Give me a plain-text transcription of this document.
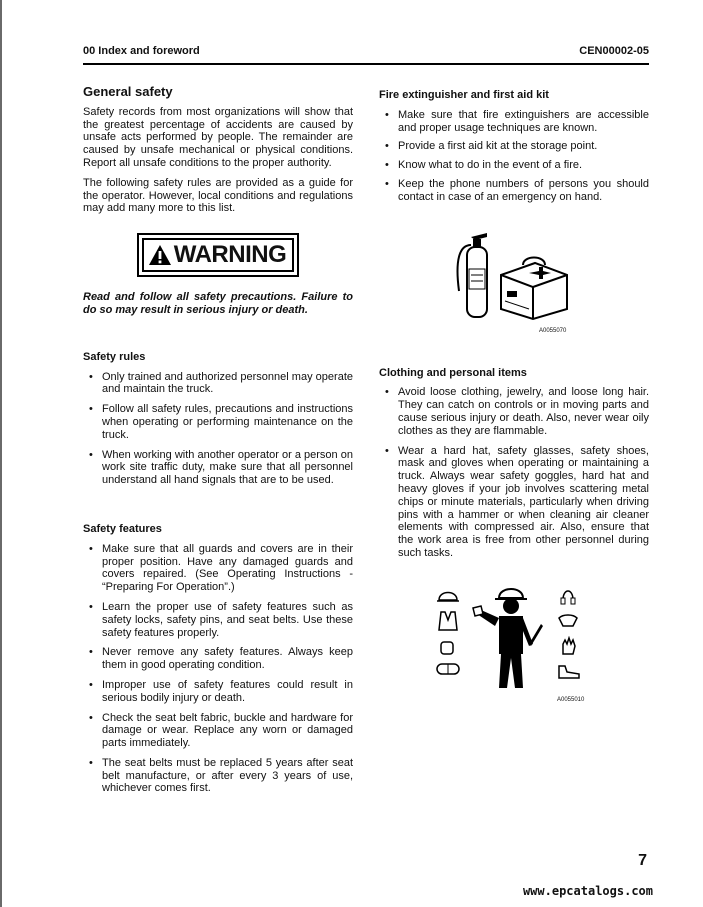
00 Index and foreword	CEN00002-05
General safety

Safety records from most organizations will show that the greatest percentage of accidents are caused by unsafe acts performed by people. The remainder are caused by unsafe mechanical or physical conditions. Report all unsafe conditions to the proper authority.

The following safety rules are provided as a guide for the operator. However, local conditions and regulations may add many more to this list.

WARNING

Read and follow all safety precautions. Failure to do so may result in serious injury or death.

Safety rules
• Only trained and authorized personnel may operate and maintain the truck.
• Follow all safety rules, precautions and instructions when operating or performing maintenance on the truck.
• When working with another operator or a person on work site traffic duty, make sure that all personnel understand all hand signals that are to be used.
Safety features
• Make sure that all guards and covers are in their proper position. Have any damaged guards and covers repaired. (See Operating Instructions - “Preparing For Operation”.)
• Learn the proper use of safety features such as safety locks, safety pins, and seat belts. Use these safety features properly.
• Never remove any safety features. Always keep them in good operating condition.
• Improper use of safety features could result in serious bodily injury or death.
• Check the seat belt fabric, buckle and hardware for damage or wear. Replace any worn or damaged parts immediately.
• The seat belts must be replaced 5 years after seat belt manufacture, or after every 3 years of use, whichever comes first.
Fire extinguisher and first aid kit
• Make sure that fire extinguishers are accessible and proper usage techniques are known.
• Provide a first aid kit at the storage point.
• Know what to do in the event of a fire.
• Keep the phone numbers of persons you should contact in case of an emergency on hand.
A0055070
Clothing and personal items
• Avoid loose clothing, jewelry, and loose long hair. They can catch on controls or in moving parts and cause serious injury or death. Also, never wear oily clothes as they are flammable.
• Wear a hard hat, safety glasses, safety shoes, mask and gloves when operating or maintaining a truck. Always wear safety goggles, hard hat and heavy gloves if your job involves scattering metal chips or minute materials, particularly when driving pins with a hammer or when cleaning air cleaner elements with compressed air. Also, ensure that the work area is free from other personnel during such tasks.
A0055010
7
www.epcatalogs.com
